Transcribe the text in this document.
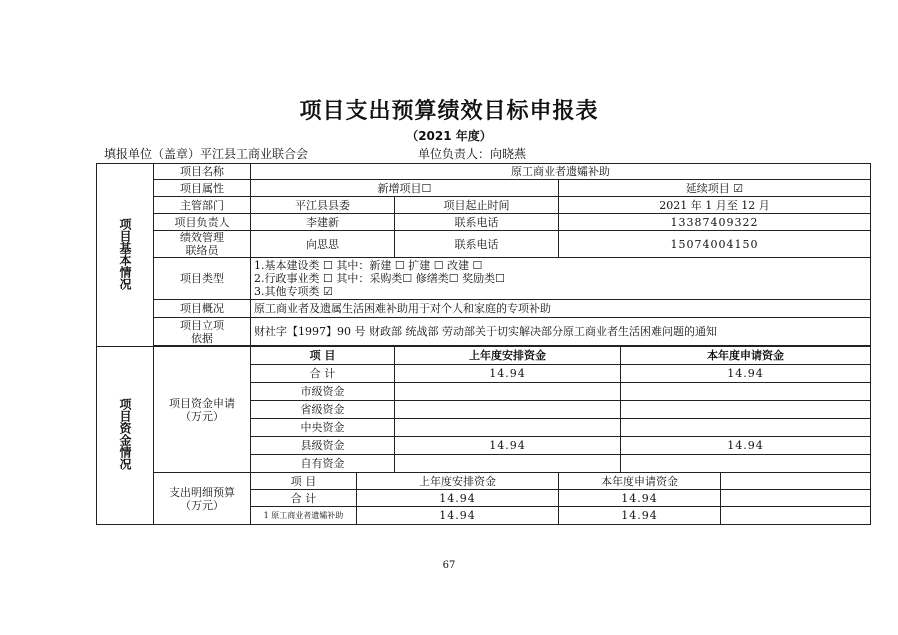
项目支出预算绩效目标申报表
（2021 年度）
填报单位（盖章）平江县工商业联合会	单位负责人：向晓燕
项目基本情况	项目名称	原工商业者遗孀补助					
	项目属性	新增项目☐			延续项目 ☑		
	主管部门	平江县县委		项目起止时间	2021 年 1 月至 12 月		
	项目负责人	李建新		联系电话	13387409322		

	绩效管理
联络员	向思思		联系电话	15074004150		
	项目类型	1.基本建设类 ☐ 其中：新建 ☐ 扩建 ☐ 改建 ☐
2.行政事业类 ☐ 其中：采购类☐ 修缮类☐ 奖励类☐
3.其他专项类 ☑					

	项目概况	原工商业者及遗属生活困难补助用于对个人和家庭的专项补助					

	项目立项
依据	财社字【1997】90 号 财政部 统战部 劳动部关于切实解决部分原工商业者生活困难问题的通知					

项目资金情况	项目资金申请
（万元）	项 目		上年度安排资金		本年度申请资金	
		合 计		14.94		14.94	
		市级资金					
		省级资金					
		中央资金					
		县级资金		14.94		14.94	
		自有资金					

	支出明细预算
（万元）	项 目	上年度安排资金		本年度申请资金		
		合 计	14.94		14.94		
		1 原工商业者遗孀补助	14.94		14.94		
67
